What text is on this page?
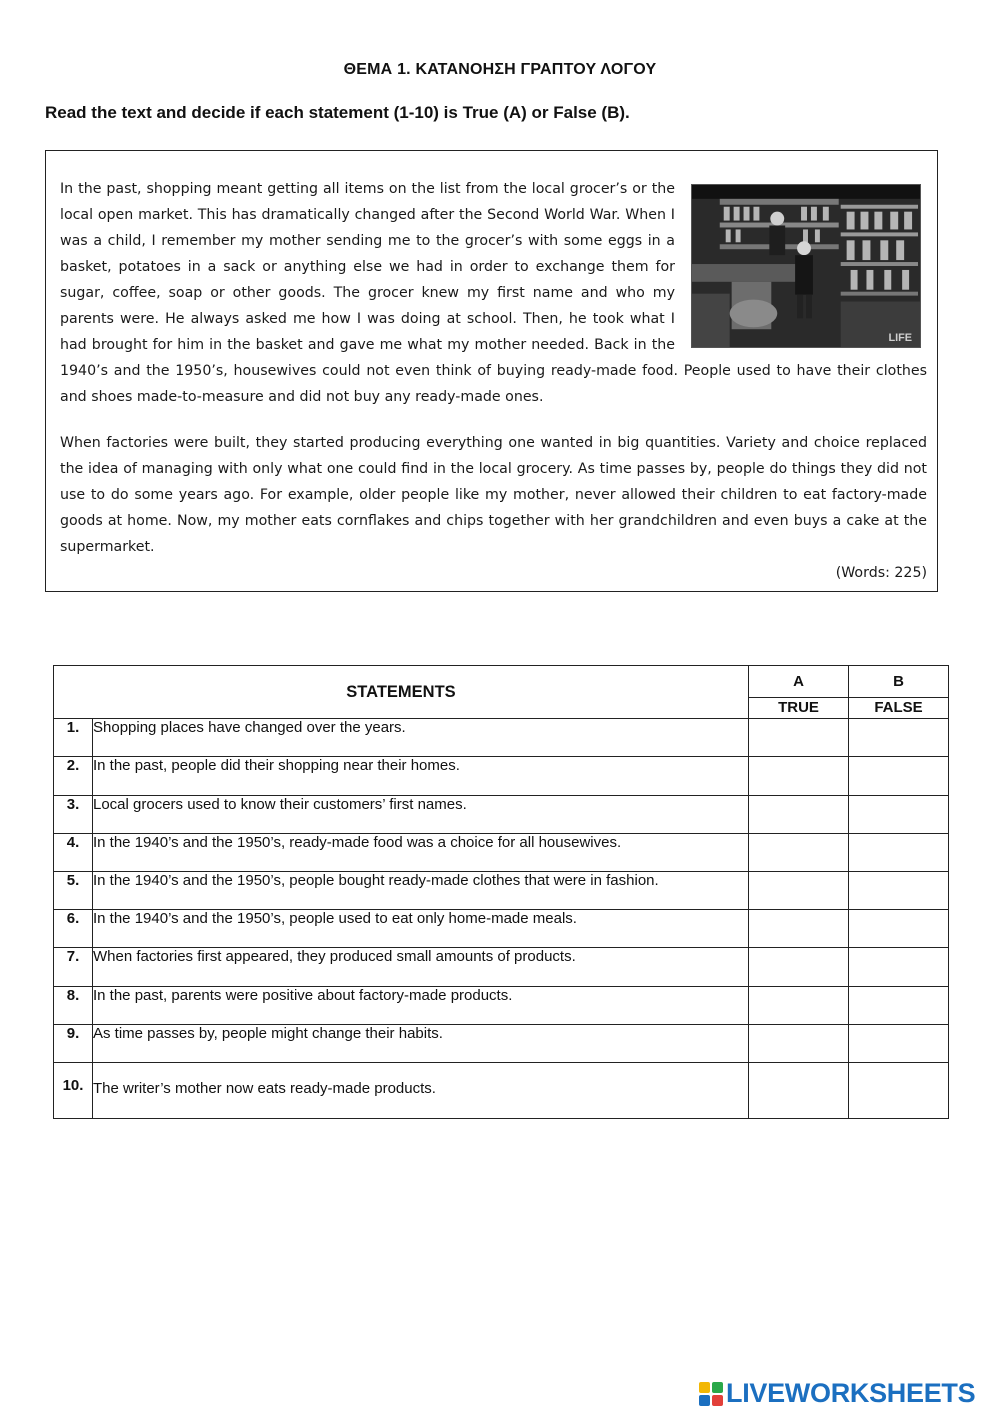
ΘΕΜΑ 1. ΚΑΤΑΝΟΗΣΗ ΓΡΑΠΤΟΥ ΛΟΓΟΥ
Read the text and decide if each statement (1-10) is True (A) or False (B).
LIFE

In the past, shopping meant getting all items on the list from the local grocer’s or the local open market. This has dramatically changed after the Second World War. When I was a child, I remember my mother sending me to the grocer’s with some eggs in a basket, potatoes in a sack or anything else we had in order to exchange them for sugar, coffee, soap or other goods. The grocer knew my first name and who my parents were. He always asked me how I was doing at school. Then, he took what I had brought for him in the basket and gave me what my mother needed. Back in the 1940’s and the 1950’s, housewives could not even think of buying ready-made food. People used to have their clothes and shoes made-to-measure and did not buy any ready-made ones.

When factories were built, they started producing everything one wanted in big quantities. Variety and choice replaced the idea of managing with only what one could find in the local grocery. As time passes by, people do things they did not use to do some years ago. For example, older people like my mother, never allowed their children to eat factory-made goods at home. Now, my mother eats cornflakes and chips together with her grandchildren and even buys a cake at the supermarket.

(Words: 225)
STATEMENTS		A	B
		TRUE	FALSE
1.	Shopping places have changed over the years.		
2.	In the past, people did their shopping near their homes.		
3.	Local grocers used to know their customers’ first names.		
4.	In the 1940’s and the 1950’s, ready-made food was a choice for all housewives.		
5.	In the 1940’s and the 1950’s, people bought ready-made clothes that were in fashion.		
6.	In the 1940’s and the 1950’s, people used to eat only home-made meals.		
7.	When factories first appeared, they produced small amounts of products.		
8.	In the past, parents were positive about factory-made products.		
9.	As time passes by, people might change their habits.		
10.	The writer’s mother now eats ready-made products.		
LIVEWORKSHEETS
